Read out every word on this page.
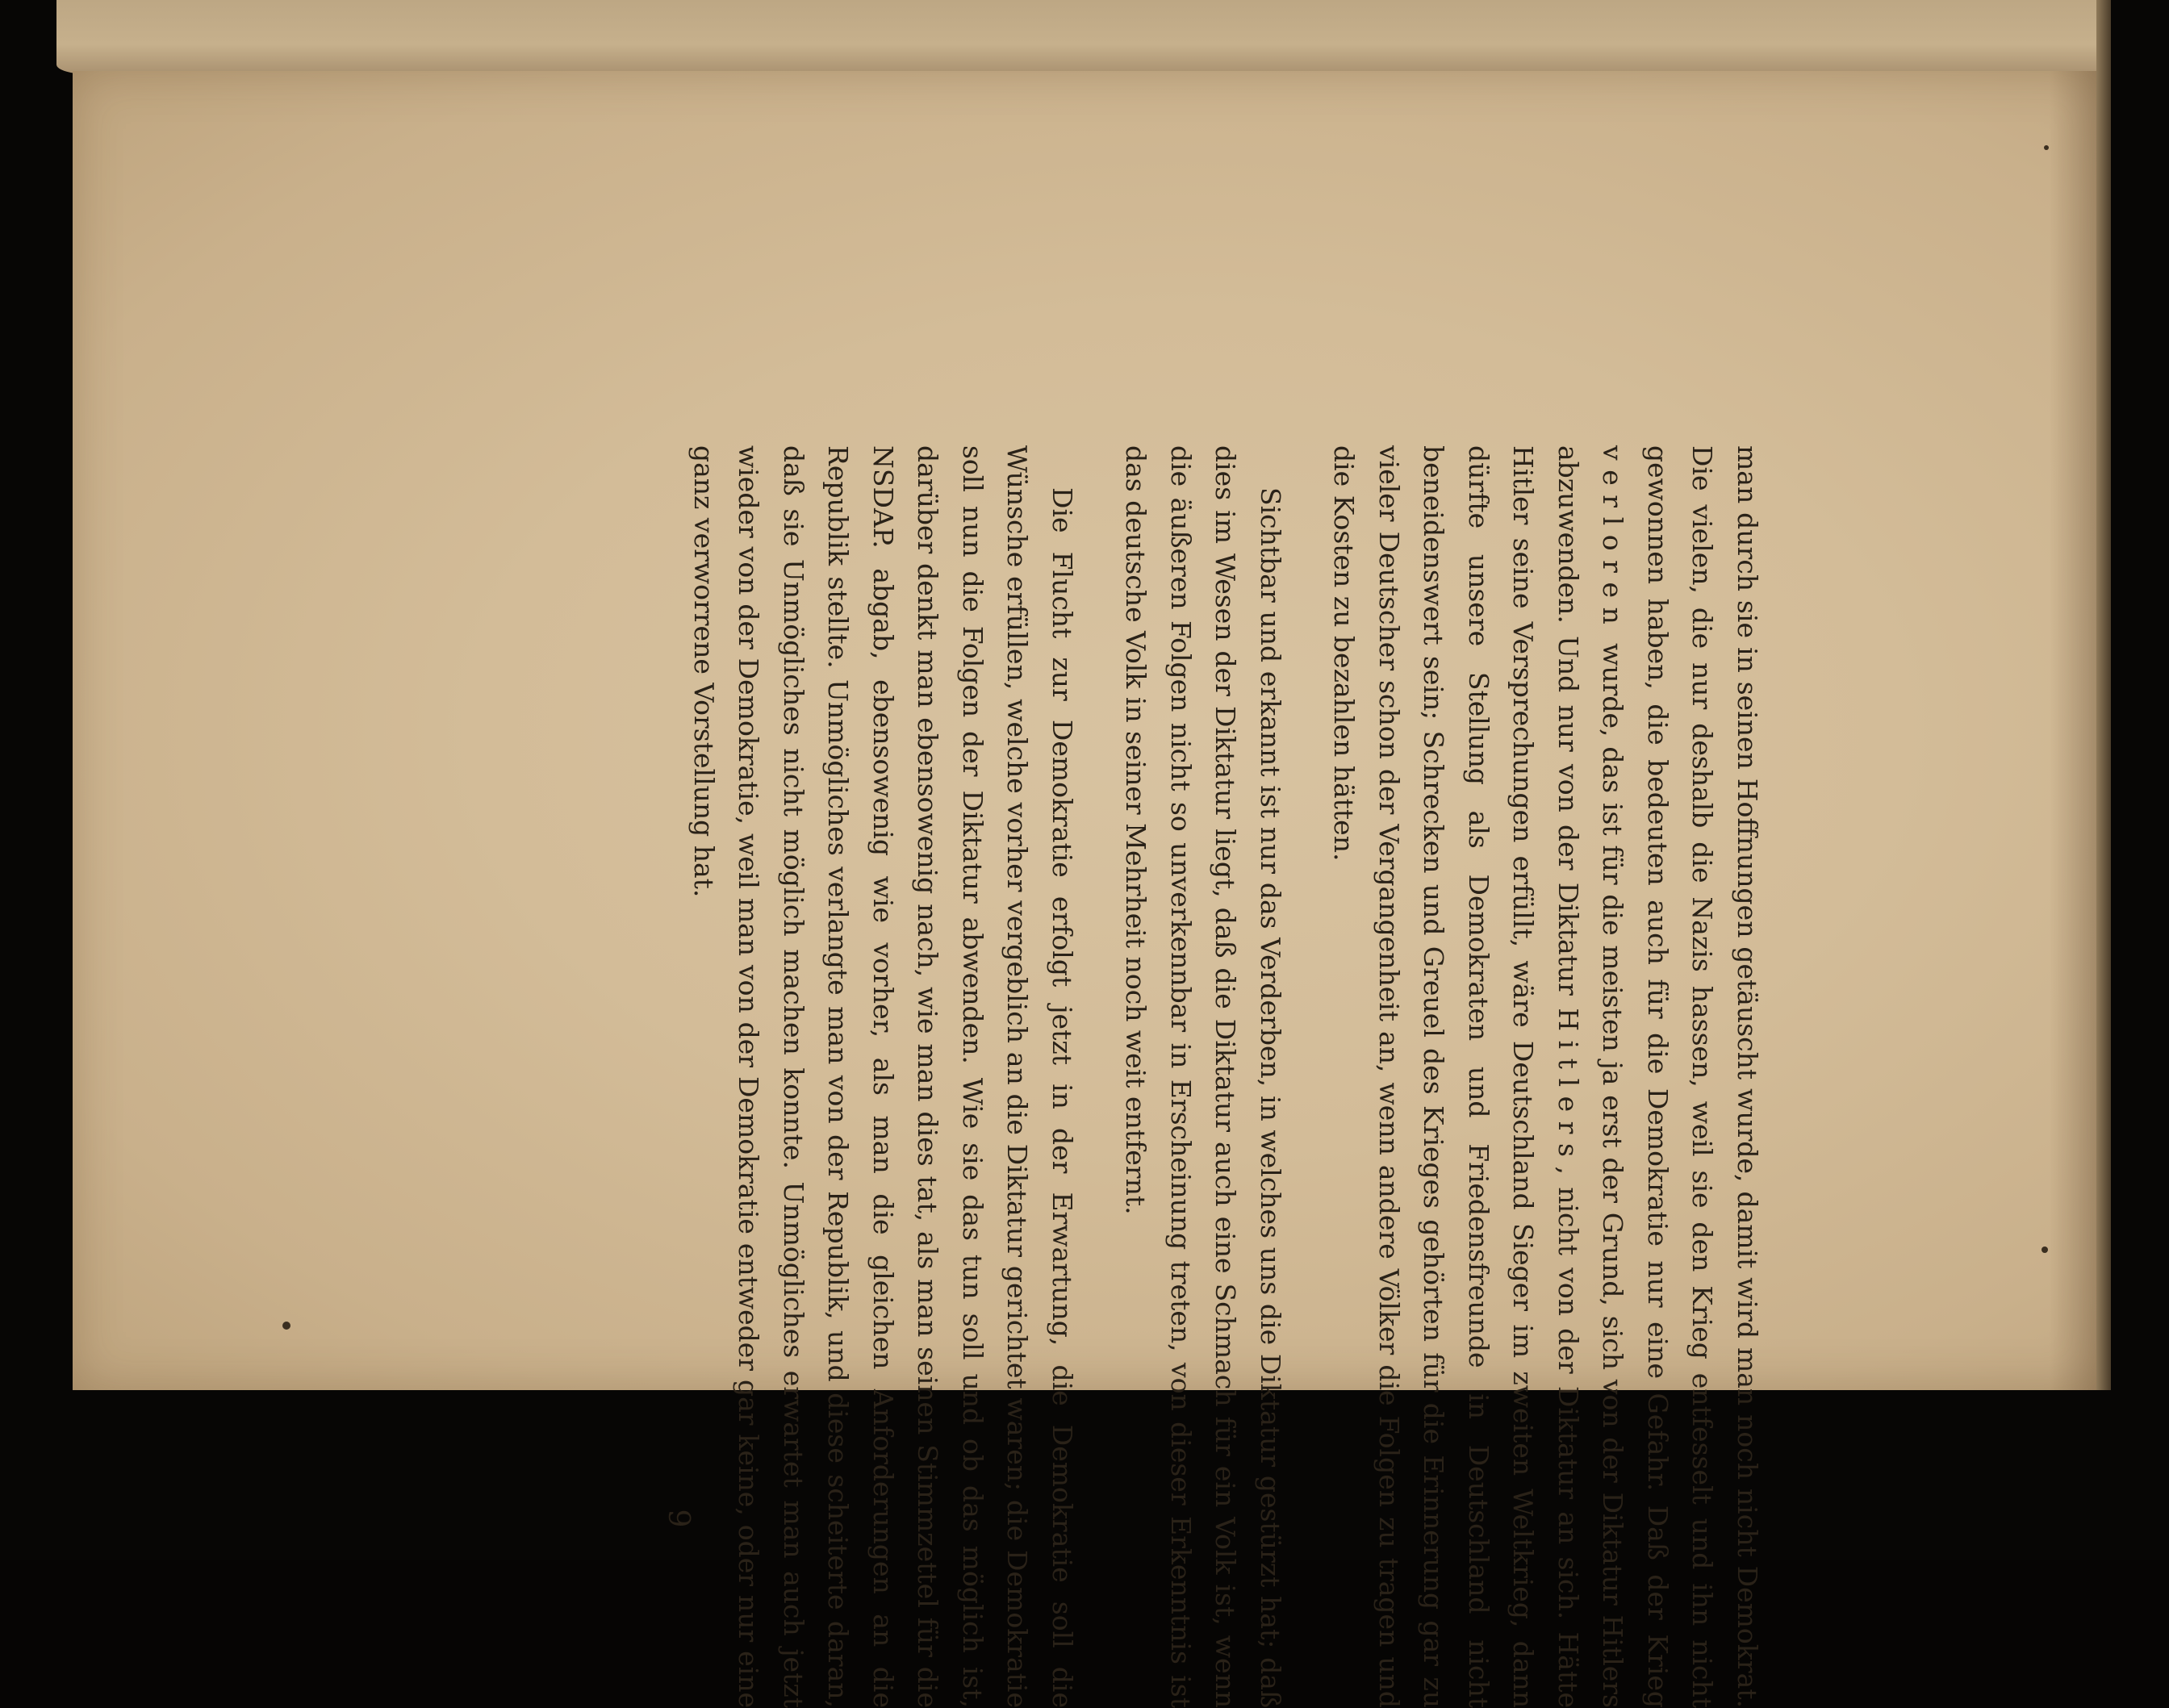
man durch sie in seinen Hoffnungen getäuscht wurde, damit wird man noch nicht Demokrat. Die vielen, die nur deshalb die Nazis hassen, weil sie den Krieg entfesselt und ihn nicht gewonnen haben, die bedeuten auch für die Demokratie nur eine Gefahr. Daß der Krieg verloren wurde, das ist für die meisten ja erst der Grund, sich von der Diktatur Hitlers abzuwenden. Und nur von der Diktatur Hitlers, nicht von der Diktatur an sich. Hätte Hitler seine Versprechungen erfüllt, wäre Deutschland Sieger im zweiten Weltkrieg, dann dürfte unsere Stellung als Demokraten und Friedensfreunde in Deutschland nicht beneidenswert sein; Schrecken und Greuel des Krieges gehörten für die Erinnerung gar zu vieler Deutscher schon der Vergangenheit an, wenn andere Völker die Folgen zu tragen und die Kosten zu bezahlen hätten.

Sichtbar und erkannt ist nur das Verderben, in welches uns die Diktatur gestürzt hat; daß dies im Wesen der Diktatur liegt, daß die Diktatur auch eine Schmach für ein Volk ist, wenn die äußeren Folgen nicht so unverkennbar in Erscheinung treten, von dieser Erkenntnis ist das deutsche Volk in seiner Mehrheit noch weit entfernt.

Die Flucht zur Demokratie erfolgt jetzt in der Erwartung, die Demokratie soll die Wünsche erfüllen, welche vorher vergeblich an die Diktatur gerichtet waren; die Demokratie soll nun die Folgen der Diktatur abwenden. Wie sie das tun soll und ob das möglich ist, darüber denkt man ebensowenig nach, wie man dies tat, als man seinen Stimmzettel für die NSDAP. abgab, ebensowenig wie vorher, als man die gleichen Anforderungen an die Republik stellte. Unmögliches verlangte man von der Republik, und diese scheiterte daran, daß sie Unmögliches nicht möglich machen konnte. Unmögliches erwartet man auch jetzt wieder von der Demokratie, weil man von der Demokratie entweder gar keine, oder nur eine ganz verworrene Vorstellung hat.

9
